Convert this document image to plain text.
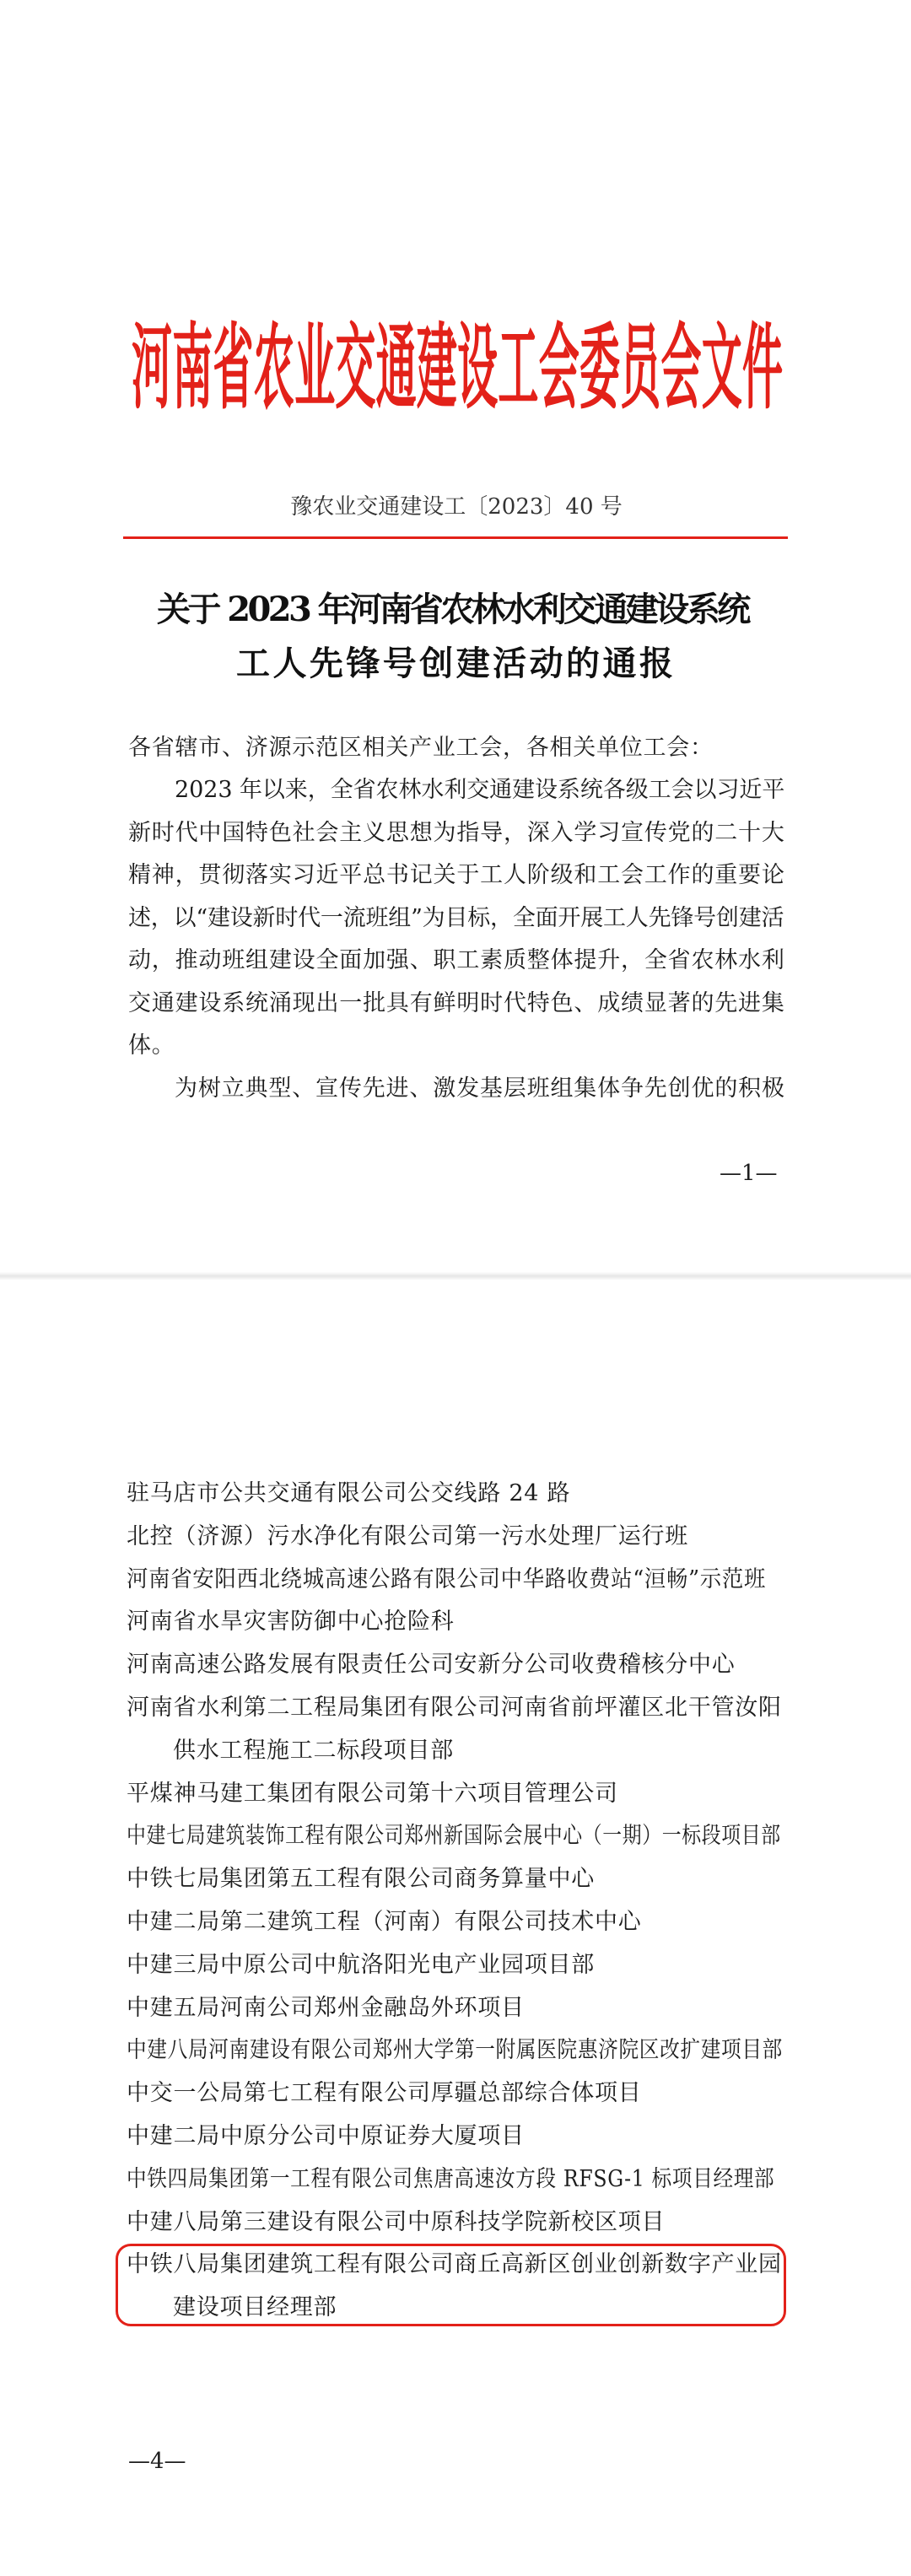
河南省农业交通建设工会委员会文件
豫农业交通建设工〔2023〕40 号
关于 2023 年河南省农林水利交通建设系统
工人先锋号创建活动的通报
各省辖市、济源示范区相关产业工会，各相关单位工会：
2023 年以来，全省农林水利交通建设系统各级工会以习近平
新时代中国特色社会主义思想为指导，深入学习宣传党的二十大
精神，贯彻落实习近平总书记关于工人阶级和工会工作的重要论
述，以“建设新时代一流班组”为目标，全面开展工人先锋号创建活
动，推动班组建设全面加强、职工素质整体提升，全省农林水利
交通建设系统涌现出一批具有鲜明时代特色、成绩显著的先进集
体。
为树立典型、宣传先进、激发基层班组集体争先创优的积极
—1—
驻马店市公共交通有限公司公交线路 24 路
北控（济源）污水净化有限公司第一污水处理厂运行班
河南省安阳西北绕城高速公路有限公司中华路收费站“洹畅”示范班
河南省水旱灾害防御中心抢险科
河南高速公路发展有限责任公司安新分公司收费稽核分中心
河南省水利第二工程局集团有限公司河南省前坪灌区北干管汝阳
供水工程施工二标段项目部
平煤神马建工集团有限公司第十六项目管理公司
中建七局建筑装饰工程有限公司郑州新国际会展中心（一期）一标段项目部
中铁七局集团第五工程有限公司商务算量中心
中建二局第二建筑工程（河南）有限公司技术中心
中建三局中原公司中航洛阳光电产业园项目部
中建五局河南公司郑州金融岛外环项目
中建八局河南建设有限公司郑州大学第一附属医院惠济院区改扩建项目部
中交一公局第七工程有限公司厚疆总部综合体项目
中建二局中原分公司中原证券大厦项目
中铁四局集团第一工程有限公司焦唐高速汝方段 RFSG-1 标项目经理部
中建八局第三建设有限公司中原科技学院新校区项目
中铁八局集团建筑工程有限公司商丘高新区创业创新数字产业园
建设项目经理部
—4—
